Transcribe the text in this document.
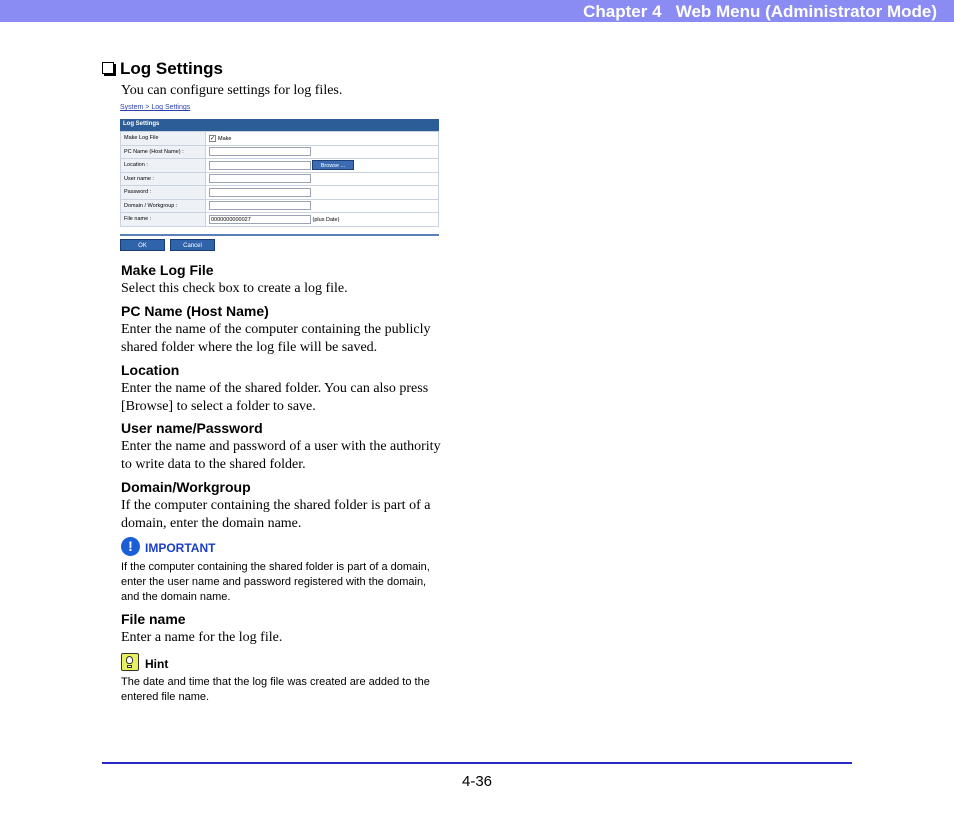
Chapter 4   Web Menu (Administrator Mode)
Log Settings
You can configure settings for log files.
System > Log Settings
Log Settings
Make Log File	✓ Make
PC Name (Host Name) :	
Location :	Browse ...
User name :	
Password :	
Domain / Workgroup :	
File name :	0000000000027 (plus Date)
OK	Cancel
Make Log File
Select this check box to create a log file.
PC Name (Host Name)
Enter the name of the computer containing the publicly
shared folder where the log file will be saved.
Location
Enter the name of the shared folder. You can also press
[Browse] to select a folder to save.
User name/Password
Enter the name and password of a user with the authority
to write data to the shared folder.
Domain/Workgroup
If the computer containing the shared folder is part of a
domain, enter the domain name.
!	IMPORTANT
If the computer containing the shared folder is part of a domain,
enter the user name and password registered with the domain,
and the domain name.
File name
Enter a name for the log file.
Hint
The date and time that the log file was created are added to the
entered file name.
4-36
